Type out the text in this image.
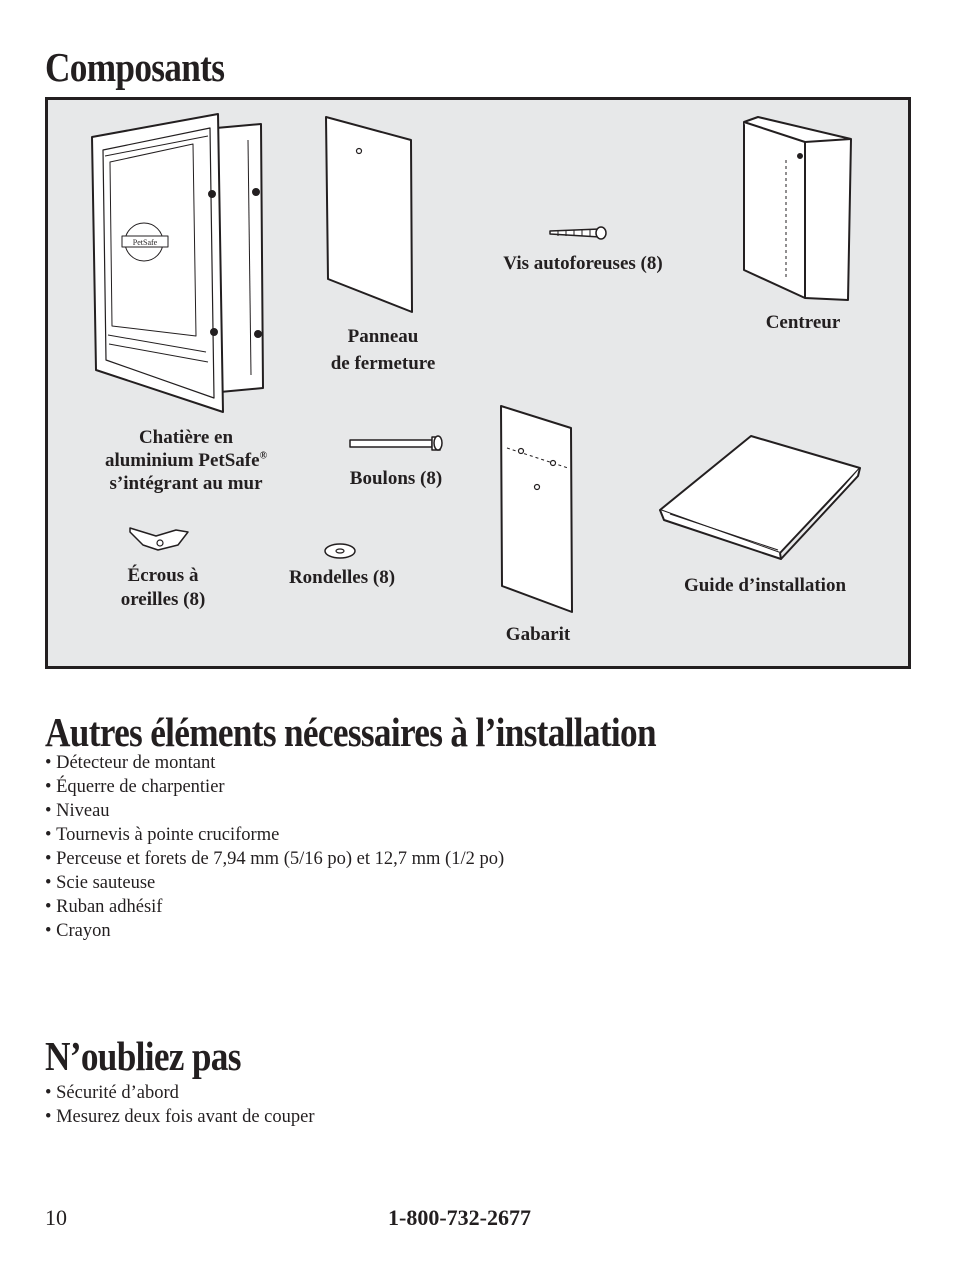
Composants
PetSafe
Chatière en
aluminium PetSafe®
s’intégrant au mur
Panneau
de fermeture
Vis autoforeuses (8)
Centreur
Boulons (8)
Écrous à
oreilles (8)
Rondelles (8)
Gabarit
Guide d’installation
Autres éléments nécessaires à l’installation
• Détecteur de montant
• Équerre de charpentier
• Niveau
• Tournevis à pointe cruciforme
• Perceuse et forets de 7,94 mm (5/16 po) et 12,7 mm (1/2 po)
• Scie sauteuse
• Ruban adhésif
• Crayon
N’oubliez pas
• Sécurité d’abord
• Mesurez deux fois avant de couper
10	1-800-732-2677
